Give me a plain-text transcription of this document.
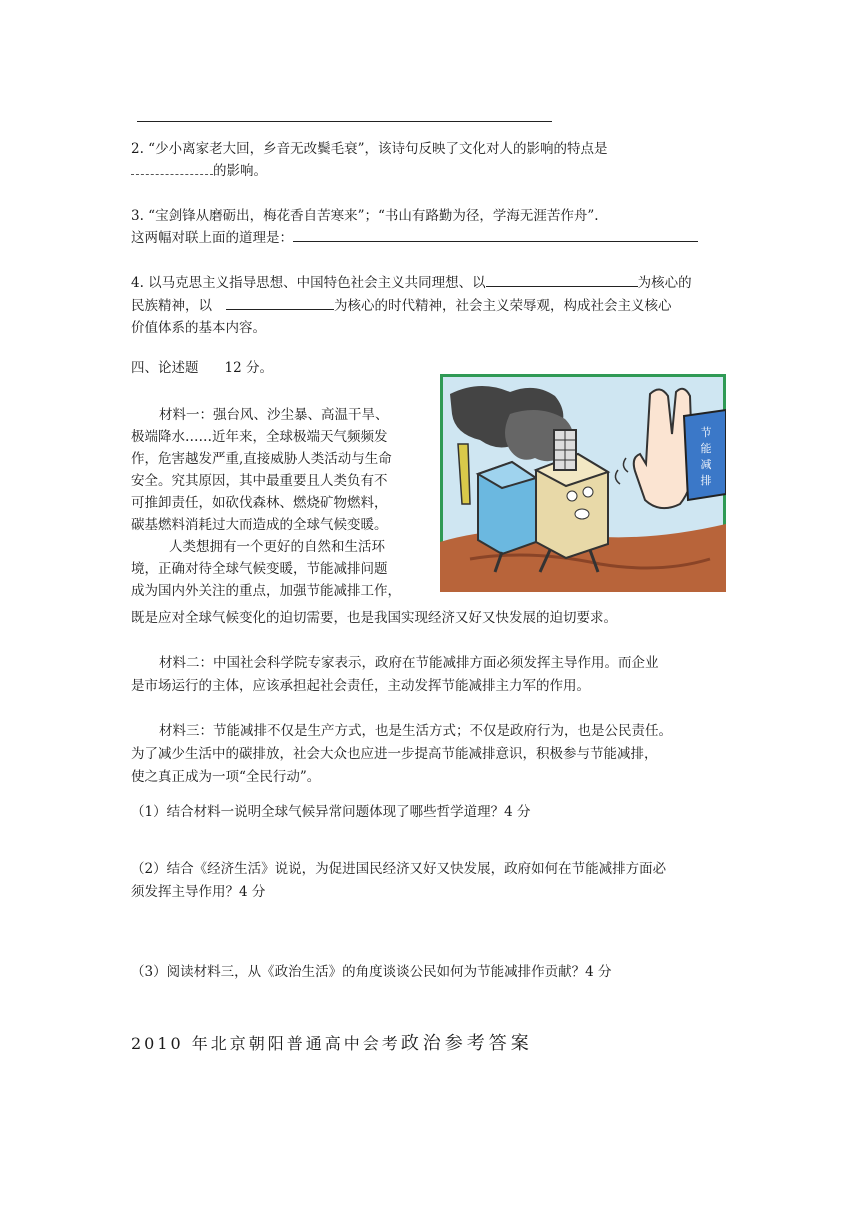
2. “少小离家老大回，乡音无改鬓毛衰”，该诗句反映了文化对人的影响的特点是
的影响。
3. “宝剑锋从磨砺出，梅花香自苦寒来”；“书山有路勤为径，学海无涯苦作舟”.
这两幅对联上面的道理是：
4. 以马克思主义指导思想、中国特色社会主义共同理想、以	为核心的
民族精神，以	为核心的时代精神，社会主义荣辱观，构成社会主义核心
价值体系的基本内容。
四、论述题 12 分。
材料一：强台风、沙尘暴、高温干旱、
极端降水……近年来，全球极端天气频频发
作，危害越发严重,直接威胁人类活动与生命
安全。究其原因，其中最重要且人类负有不
可推卸责任，如砍伐森林、燃烧矿物燃料，
碳基燃料消耗过大而造成的全球气候变暖。
人类想拥有一个更好的自然和生活环
境，正确对待全球气候变暖，节能减排问题
成为国内外关注的重点，加强节能减排工作，
既是应对全球气候变化的迫切需要，也是我国实现经济又好又快发展的迫切要求。
节
能
减
排
材料二：中国社会科学院专家表示，政府在节能减排方面必须发挥主导作用。而企业
是市场运行的主体，应该承担起社会责任，主动发挥节能减排主力军的作用。
材料三：节能减排不仅是生产方式，也是生活方式；不仅是政府行为，也是公民责任。
为了减少生活中的碳排放，社会大众也应进一步提高节能减排意识，积极参与节能减排，
使之真正成为一项“全民行动”。
（1）结合材料一说明全球气候异常问题体现了哪些哲学道理？4 分
（2）结合《经济生活》说说，为促进国民经济又好又快发展，政府如何在节能减排方面必
须发挥主导作用？4 分
（3）阅读材料三，从《政治生活》的角度谈谈公民如何为节能减排作贡献？4 分
2010 年北京朝阳普通高中会考政治参考答案
